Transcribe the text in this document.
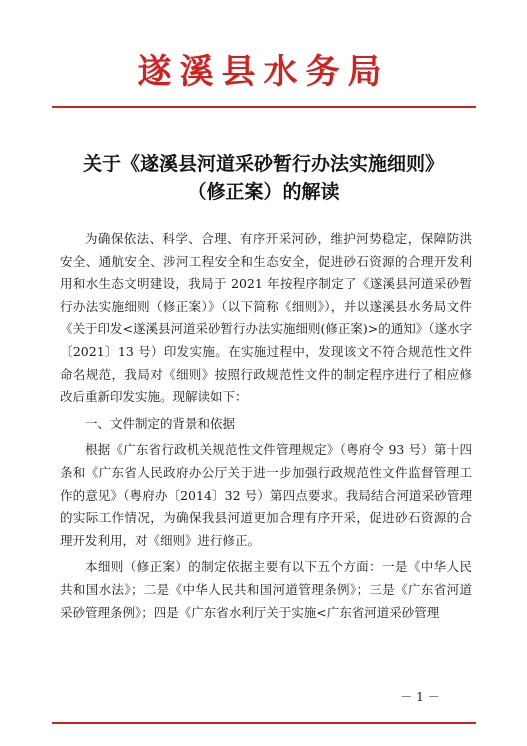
遂溪县水务局
关于《遂溪县河道采砂暂行办法实施细则》
（修正案）的解读

为确保依法、科学、合理、有序开采河砂，维护河势稳定，保障防洪安全、通航安全、涉河工程安全和生态安全，促进砂石资源的合理开发利用和水生态文明建设，我局于 2021 年按程序制定了《遂溪县河道采砂暂行办法实施细则（修正案）》（以下简称《细则》），并以遂溪县水务局文件《关于印发<遂溪县河道采砂暂行办法实施细则(修正案)>的通知》（遂水字〔2021〕13 号）印发实施。在实施过程中，发现该文不符合规范性文件命名规范，我局对《细则》按照行政规范性文件的制定程序进行了相应修改后重新印发实施。现解读如下：

一、文件制定的背景和依据

根据《广东省行政机关规范性文件管理规定》（粤府令 93 号）第十四条和《广东省人民政府办公厅关于进一步加强行政规范性文件监督管理工作的意见》（粤府办〔2014〕32 号）第四点要求。我局结合河道采砂管理的实际工作情况，为确保我县河道更加合理有序开采，促进砂石资源的合理开发利用，对《细则》进行修正。

本细则（修正案）的制定依据主要有以下五个方面：一是《中华人民共和国水法》；二是《中华人民共和国河道管理条例》；三是《广东省河道采砂管理条例》；四是《广东省水利厅关于实施<广东省河道采砂管理

－ 1 －
